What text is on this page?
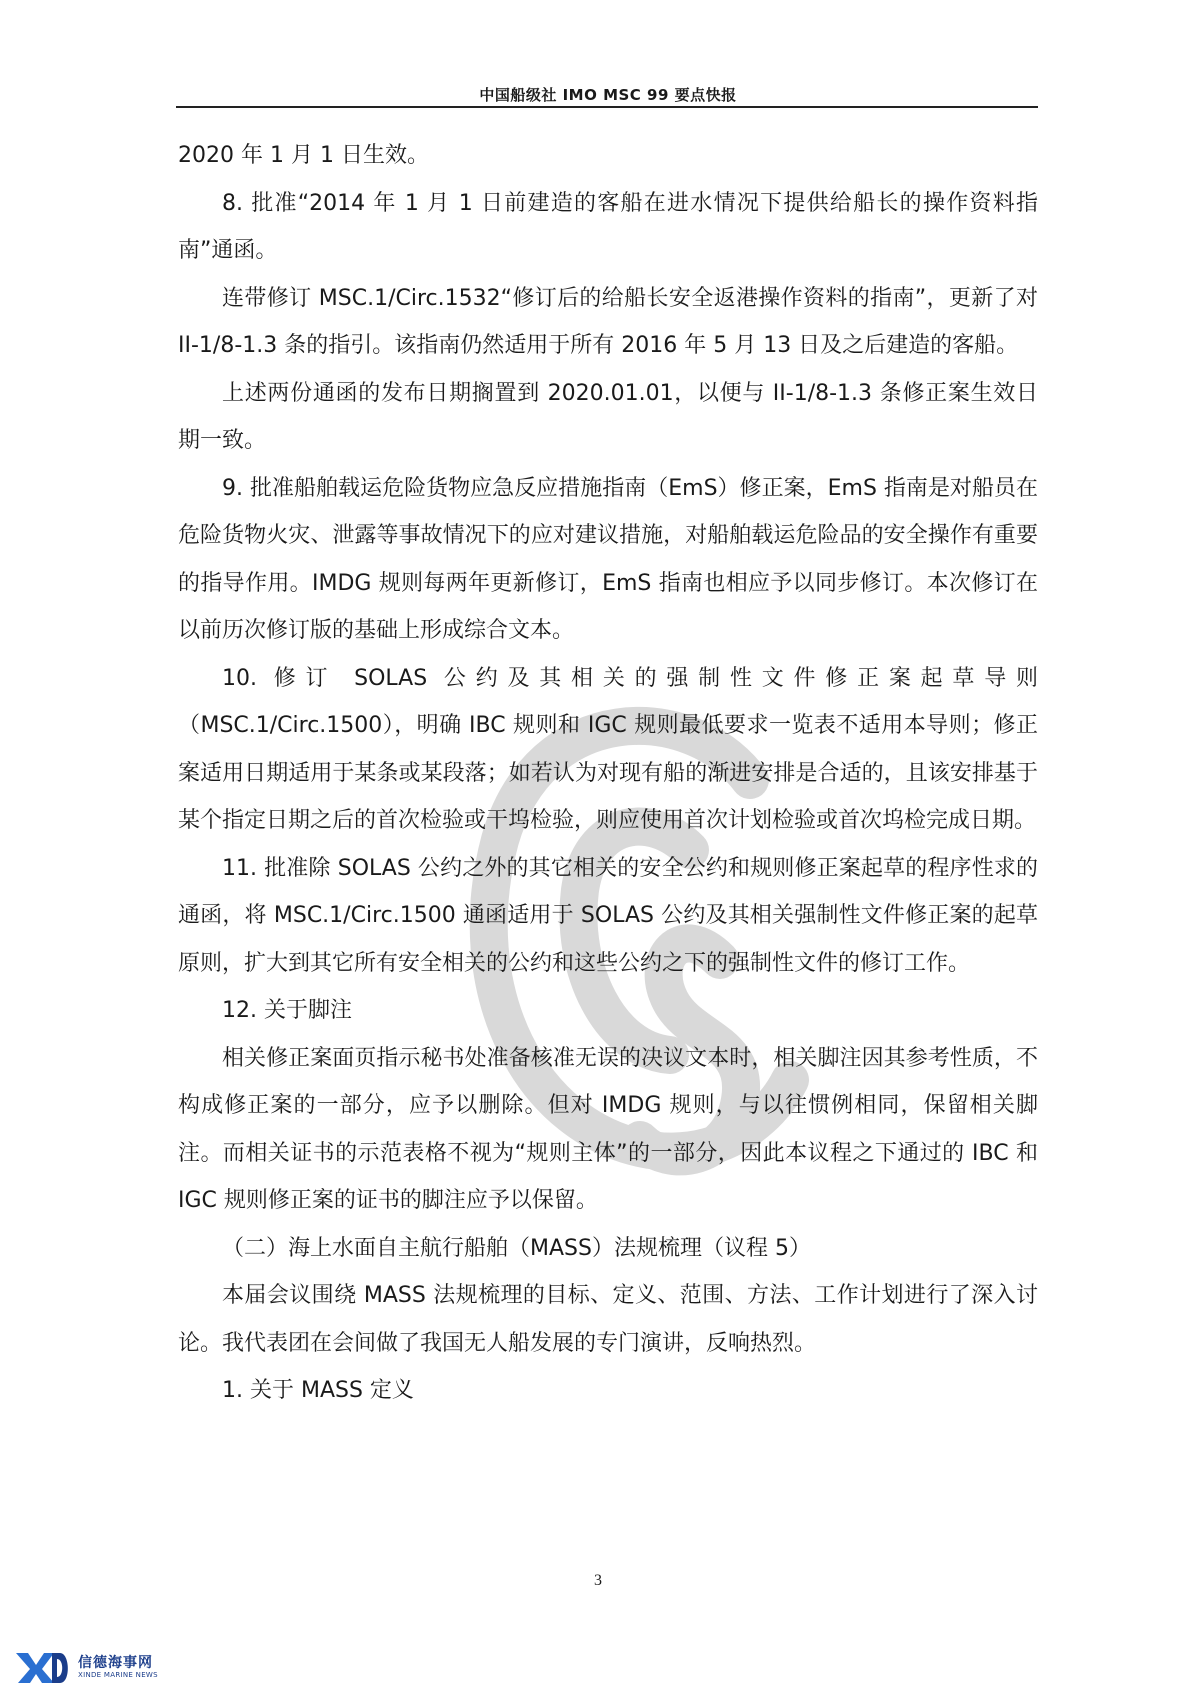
中国船级社 IMO MSC 99 要点快报

2020 年 1 月 1 日生效。

8. 批准“2014 年 1 月 1 日前建造的客船在进水情况下提供给船长的操作资料指南”通函。

连带修订 MSC.1/Circ.1532“修订后的给船长安全返港操作资料的指南”，更新了对 II-1/8-1.3 条的指引。该指南仍然适用于所有 2016 年 5 月 13 日及之后建造的客船。

上述两份通函的发布日期搁置到 2020.01.01，以便与 II-1/8-1.3 条修正案生效日期一致。

9. 批准船舶载运危险货物应急反应措施指南（EmS）修正案，EmS 指南是对船员在危险货物火灾、泄露等事故情况下的应对建议措施，对船舶载运危险品的安全操作有重要的指导作用。IMDG 规则每两年更新修订，EmS 指南也相应予以同步修订。本次修订在以前历次修订版的基础上形成综合文本。

10. 修订 SOLAS 公约及其相关的强制性文件修正案起草导则（MSC.1/Circ.1500），明确 IBC 规则和 IGC 规则最低要求一览表不适用本导则；修正案适用日期适用于某条或某段落；如若认为对现有船的渐进安排是合适的，且该安排基于某个指定日期之后的首次检验或干坞检验，则应使用首次计划检验或首次坞检完成日期。

11. 批准除 SOLAS 公约之外的其它相关的安全公约和规则修正案起草的程序性求的通函，将 MSC.1/Circ.1500 通函适用于 SOLAS 公约及其相关强制性文件修正案的起草原则，扩大到其它所有安全相关的公约和这些公约之下的强制性文件的修订工作。

12. 关于脚注

相关修正案面页指示秘书处准备核准无误的决议文本时，相关脚注因其参考性质，不构成修正案的一部分，应予以删除。但对 IMDG 规则，与以往惯例相同，保留相关脚注。而相关证书的示范表格不视为“规则主体”的一部分，因此本议程之下通过的 IBC 和 IGC 规则修正案的证书的脚注应予以保留。

（二）海上水面自主航行船舶（MASS）法规梳理（议程 5）

本届会议围绕 MASS 法规梳理的目标、定义、范围、方法、工作计划进行了深入讨论。我代表团在会间做了我国无人船发展的专门演讲，反响热烈。

1. 关于 MASS 定义

3
信德海事网
XINDE MARINE NEWS
